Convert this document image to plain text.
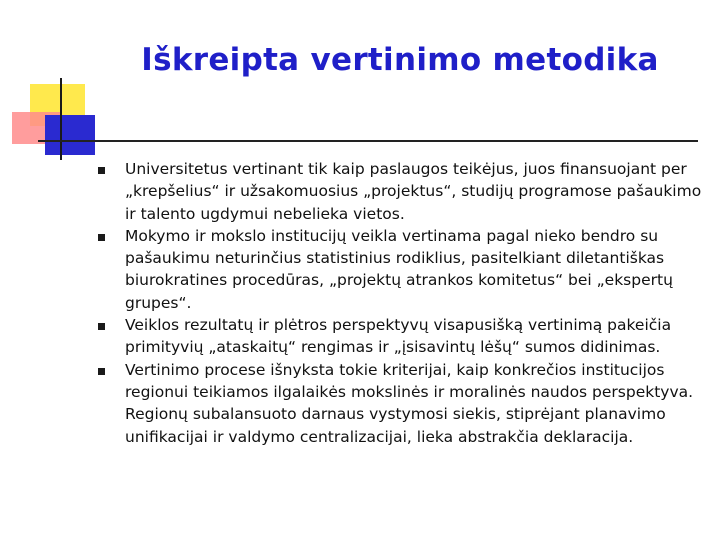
Iškreipta vertinimo metodika
Universitetus vertinant tik kaip paslaugos teikėjus, juos finansuojant per „krepšelius“ ir užsakomuosius „projektus“, studijų programose pašaukimo ir talento ugdymui nebelieka vietos.
Mokymo ir mokslo institucijų veikla vertinama pagal nieko bendro su pašaukimu neturinčius statistinius rodiklius, pasitelkiant diletantiškas biurokratines procedūras, „projektų atrankos komitetus“ bei „ekspertų grupes“.
Veiklos rezultatų ir plėtros perspektyvų visapusišką vertinimą pakeičia primityvių „ataskaitų“ rengimas ir „įsisavintų lėšų“ sumos didinimas.
Vertinimo procese išnyksta tokie kriterijai, kaip konkrečios institucijos regionui teikiamos ilgalaikės mokslinės ir moralinės naudos perspektyva. Regionų subalansuoto darnaus vystymosi siekis, stiprėjant planavimo unifikacijai ir valdymo centralizacijai, lieka abstrakčia deklaracija.
